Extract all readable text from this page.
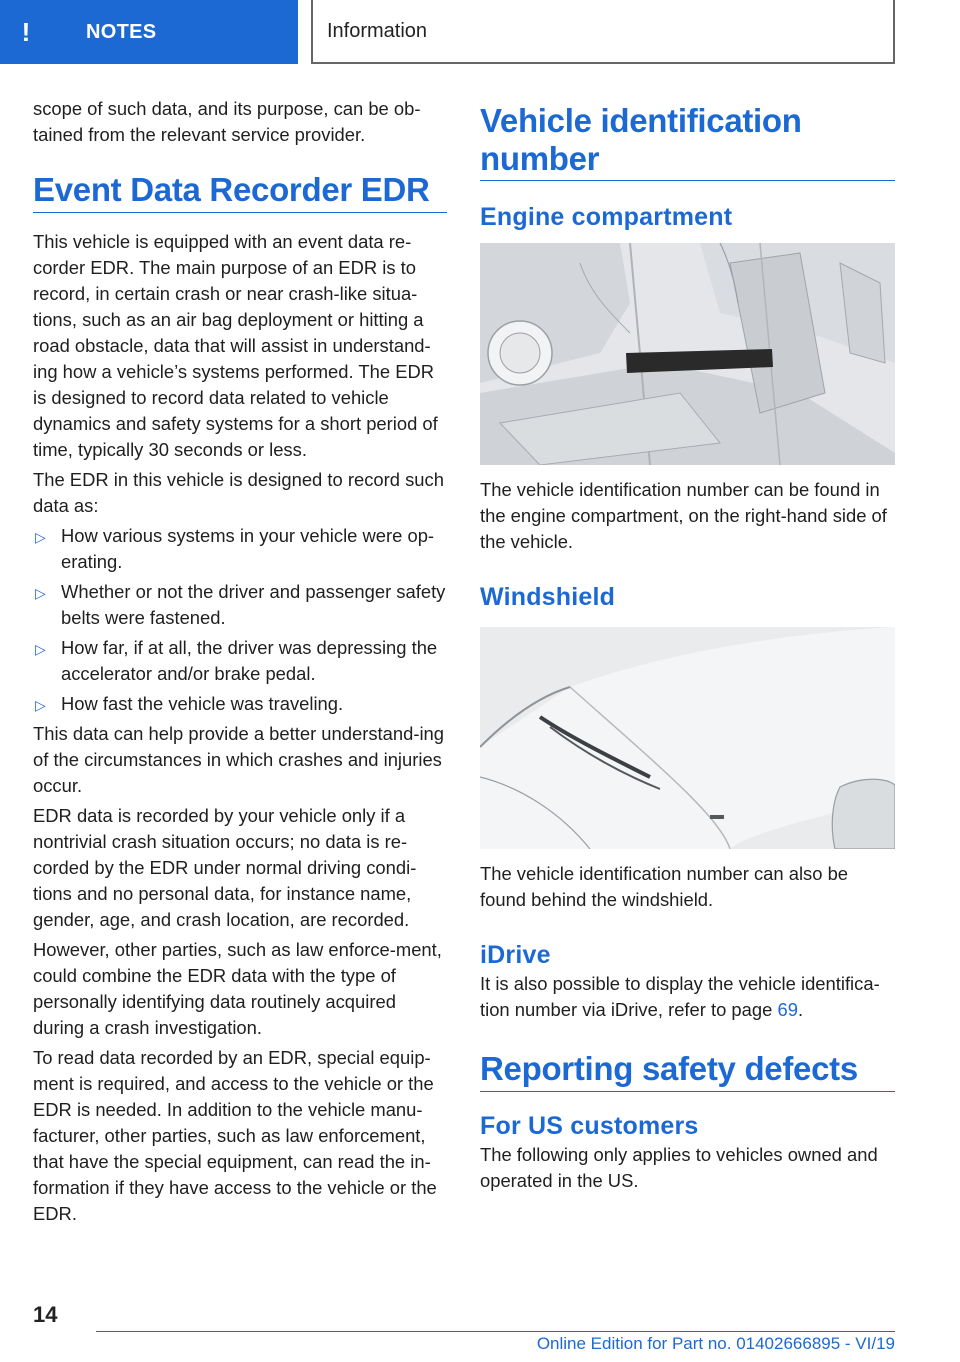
!	NOTES	Information

scope of such data, and its purpose, can be ob-tained from the relevant service provider.

Event Data Recorder EDR

This vehicle is equipped with an event data re-corder EDR. The main purpose of an EDR is to record, in certain crash or near crash-like situa-tions, such as an air bag deployment or hitting a road obstacle, data that will assist in understand-ing how a vehicle’s systems performed. The EDR is designed to record data related to vehicle dynamics and safety systems for a short period of time, typically 30 seconds or less.

The EDR in this vehicle is designed to record such data as:

▷ How various systems in your vehicle were op-erating.
▷ Whether or not the driver and passenger safety belts were fastened.
▷ How far, if at all, the driver was depressing the accelerator and/or brake pedal.
▷ How fast the vehicle was traveling.

This data can help provide a better understand-ing of the circumstances in which crashes and injuries occur.

EDR data is recorded by your vehicle only if a nontrivial crash situation occurs; no data is re-corded by the EDR under normal driving condi-tions and no personal data, for instance name, gender, age, and crash location, are recorded.

However, other parties, such as law enforce-ment, could combine the EDR data with the type of personally identifying data routinely acquired during a crash investigation.

To read data recorded by an EDR, special equip-ment is required, and access to the vehicle or the EDR is needed. In addition to the vehicle manu-facturer, other parties, such as law enforcement, that have the special equipment, can read the in-formation if they have access to the vehicle or the EDR.

Vehicle identification number
Engine compartment

The vehicle identification number can be found in the engine compartment, on the right-hand side of the vehicle.

Windshield

The vehicle identification number can also be found behind the windshield.

iDrive

It is also possible to display the vehicle identifica-tion number via iDrive, refer to page 69.

Reporting safety defects
For US customers

The following only applies to vehicles owned and operated in the US.

14
Online Edition for Part no. 01402666895 - VI/19
